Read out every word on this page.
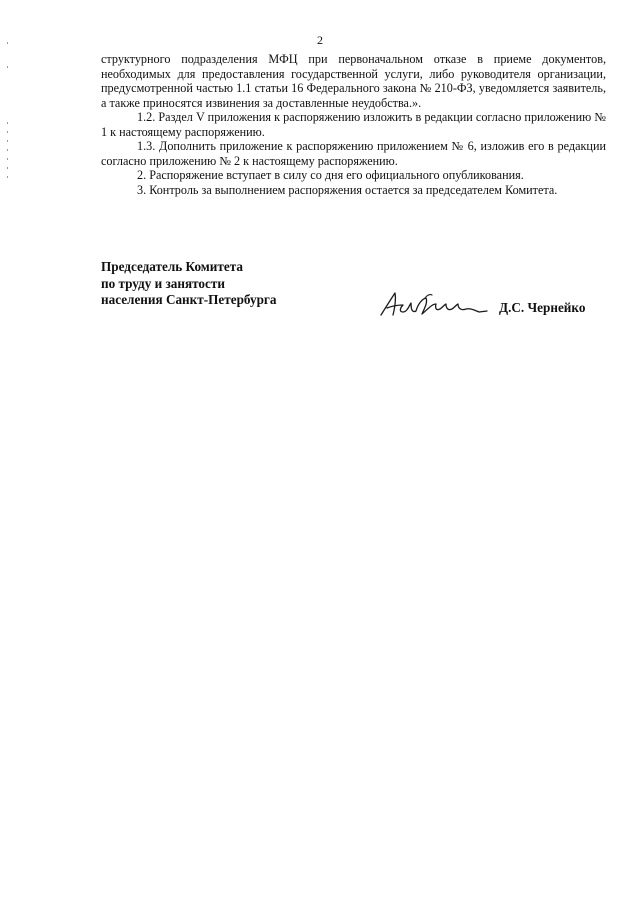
2

структурного подразделения МФЦ при первоначальном отказе в приеме документов, необходимых для предоставления государственной услуги, либо руководителя организации, предусмотренной частью 1.1 статьи 16 Федерального закона № 210-ФЗ, уведомляется заявитель, а также приносятся извинения за доставленные неудобства.».

1.2. Раздел V приложения к распоряжению изложить в редакции согласно приложению № 1 к настоящему распоряжению.

1.3. Дополнить приложение к распоряжению приложением № 6, изложив его в редакции согласно приложению № 2 к настоящему распоряжению.

2. Распоряжение вступает в силу со дня его официального опубликования.

3. Контроль за выполнением распоряжения остается за председателем Комитета.

Председатель Комитета
по труду и занятости
населения Санкт-Петербурга
Д.С. Чернейко
